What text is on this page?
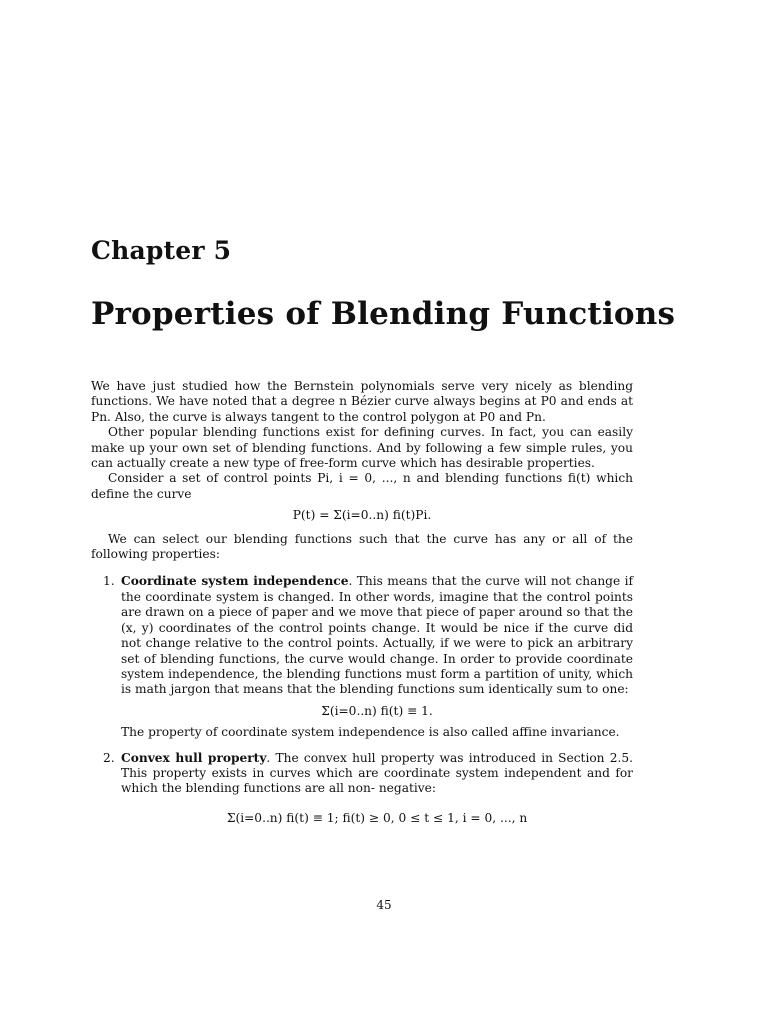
Chapter 5
Properties of Blending Functions

We have just studied how the Bernstein polynomials serve very nicely as blending functions. We have noted that a degree n Bézier curve always begins at P0 and ends at Pn. Also, the curve is always tangent to the control polygon at P0 and Pn.

Other popular blending functions exist for defining curves. In fact, you can easily make up your own set of blending functions. And by following a few simple rules, you can actually create a new type of free-form curve which has desirable properties.

Consider a set of control points Pi, i = 0, ..., n and blending functions fi(t) which define the curve

P(t) = Σ(i=0..n) fi(t)Pi.

We can select our blending functions such that the curve has any or all of the following properties:

1. Coordinate system independence. This means that the curve will not change if the coordinate system is changed. In other words, imagine that the control points are drawn on a piece of paper and we move that piece of paper around so that the (x, y) coordinates of the control points change. It would be nice if the curve did not change relative to the control points. Actually, if we were to pick an arbitrary set of blending functions, the curve would change. In order to provide coordinate system independence, the blending functions must form a partition of unity, which is math jargon that means that the blending functions sum identically sum to one:
Σ(i=0..n) fi(t) ≡ 1.
The property of coordinate system independence is also called affine invariance.
2. Convex hull property. The convex hull property was introduced in Section 2.5. This property exists in curves which are coordinate system independent and for which the blending functions are all non- negative:
Σ(i=0..n) fi(t) ≡ 1; fi(t) ≥ 0, 0 ≤ t ≤ 1, i = 0, ..., n
45
